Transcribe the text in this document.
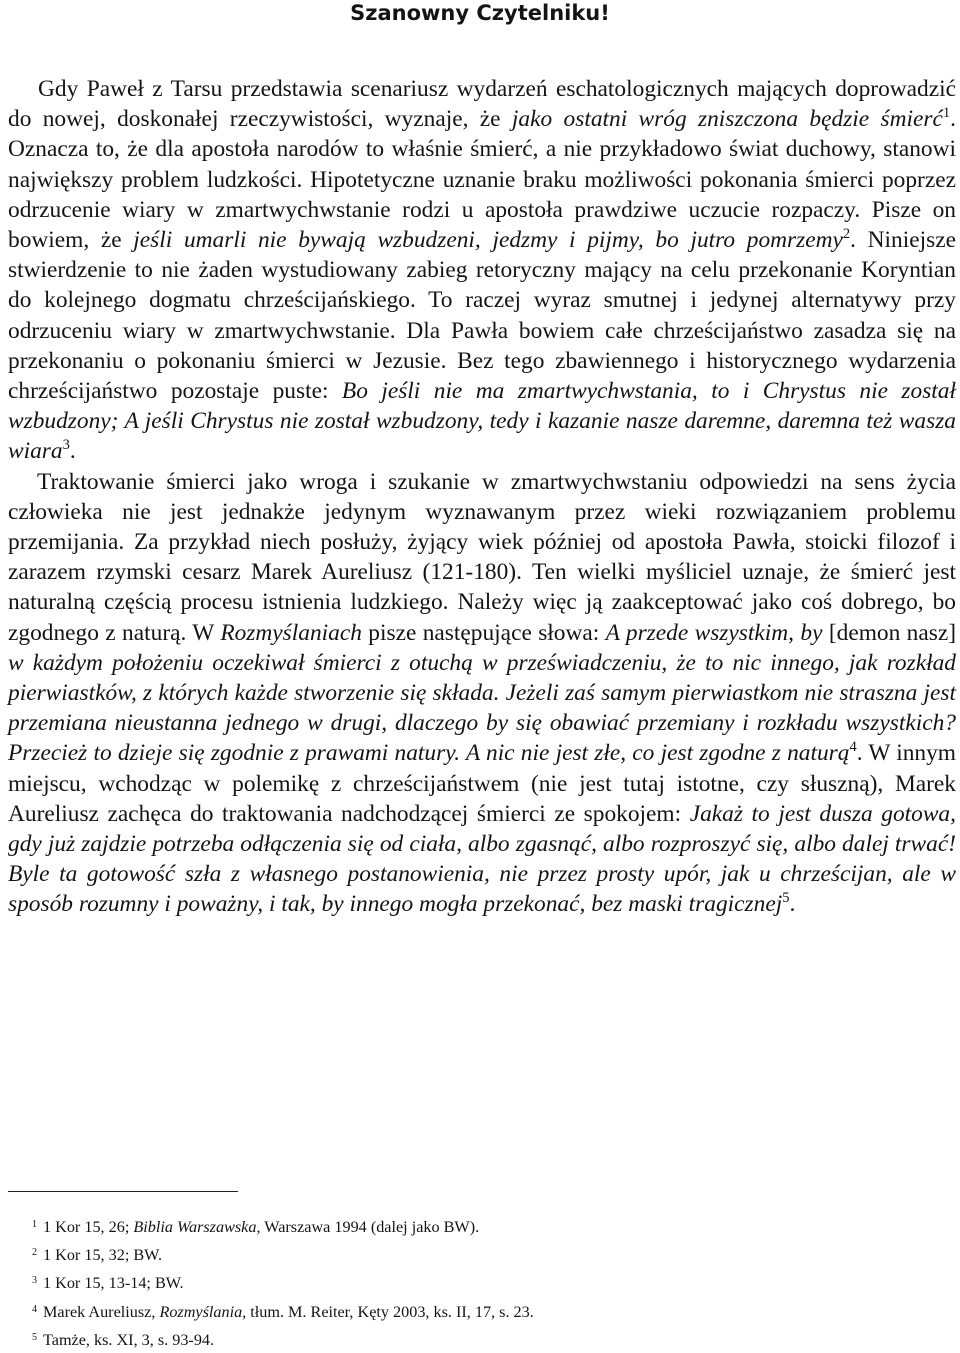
Szanowny Czytelniku!

Gdy Paweł z Tarsu przedstawia scenariusz wydarzeń eschatologicznych mających doprowadzić do nowej, doskonałej rzeczywistości, wyznaje, że jako ostatni wróg zniszczona będzie śmierć$^1$. Oznacza to, że dla apostoła narodów to właśnie śmierć, a nie przykładowo świat duchowy, stanowi największy problem ludzkości. Hipotetyczne uznanie braku możliwości pokonania śmierci poprzez odrzucenie wiary w zmartwychwstanie rodzi u apostoła prawdziwe uczucie rozpaczy. Pisze on bowiem, że jeśli umarli nie bywają wzbudzeni, jedzmy i pijmy, bo jutro pomrzemy$^2$. Niniejsze stwierdzenie to nie żaden wystudiowany zabieg retoryczny mający na celu przekonanie Koryntian do kolejnego dogmatu chrześcijańskiego. To raczej wyraz smutnej i jedynej alternatywy przy odrzuceniu wiary w zmartwychwstanie. Dla Pawła bowiem całe chrześcijaństwo zasadza się na przekonaniu o pokonaniu śmierci w Jezusie. Bez tego zbawiennego i historycznego wydarzenia chrześcijaństwo pozostaje puste: Bo jeśli nie ma zmartwychwstania, to i Chrystus nie został wzbudzony; A jeśli Chrystus nie został wzbudzony, tedy i kazanie nasze daremne, daremna też wasza wiara$^3$.

Traktowanie śmierci jako wroga i szukanie w zmartwychwstaniu odpowiedzi na sens życia człowieka nie jest jednakże jedynym wyznawanym przez wieki rozwiązaniem problemu przemijania. Za przykład niech posłuży, żyjący wiek później od apostoła Pawła, stoicki filozof i zarazem rzymski cesarz Marek Aureliusz (121-180). Ten wielki myśliciel uznaje, że śmierć jest naturalną częścią procesu istnienia ludzkiego. Należy więc ją zaakceptować jako coś dobrego, bo zgodnego z naturą. W Rozmyślaniach pisze następujące słowa: A przede wszystkim, by [demon nasz] w każdym położeniu oczekiwał śmierci z otuchą w przeświadczeniu, że to nic innego, jak rozkład pierwiastków, z których każde stworzenie się składa. Jeżeli zaś samym pierwiastkom nie straszna jest przemiana nieustanna jednego w drugi, dlaczego by się obawiać przemiany i rozkładu wszystkich? Przecież to dzieje się zgodnie z prawami natury. A nic nie jest złe, co jest zgodne z naturą$^4$. W innym miejscu, wchodząc w polemikę z chrześcijaństwem (nie jest tutaj istotne, czy słuszną), Marek Aureliusz zachęca do traktowania nadchodzącej śmierci ze spokojem: Jakaż to jest dusza gotowa, gdy już zajdzie potrzeba odłączenia się od ciała, albo zgasnąć, albo rozproszyć się, albo dalej trwać! Byle ta gotowość szła z własnego postanowienia, nie przez prosty upór, jak u chrześcijan, ale w sposób rozumny i poważny, i tak, by innego mogła przekonać, bez maski tragicznej$^5$.

1 1 Kor 15, 26; Biblia Warszawska, Warszawa 1994 (dalej jako BW).
2 1 Kor 15, 32; BW.
3 1 Kor 15, 13-14; BW.
4 Marek Aureliusz, Rozmyślania, tłum. M. Reiter, Kęty 2003, ks. II, 17, s. 23.
5 Tamże, ks. XI, 3, s. 93-94.
